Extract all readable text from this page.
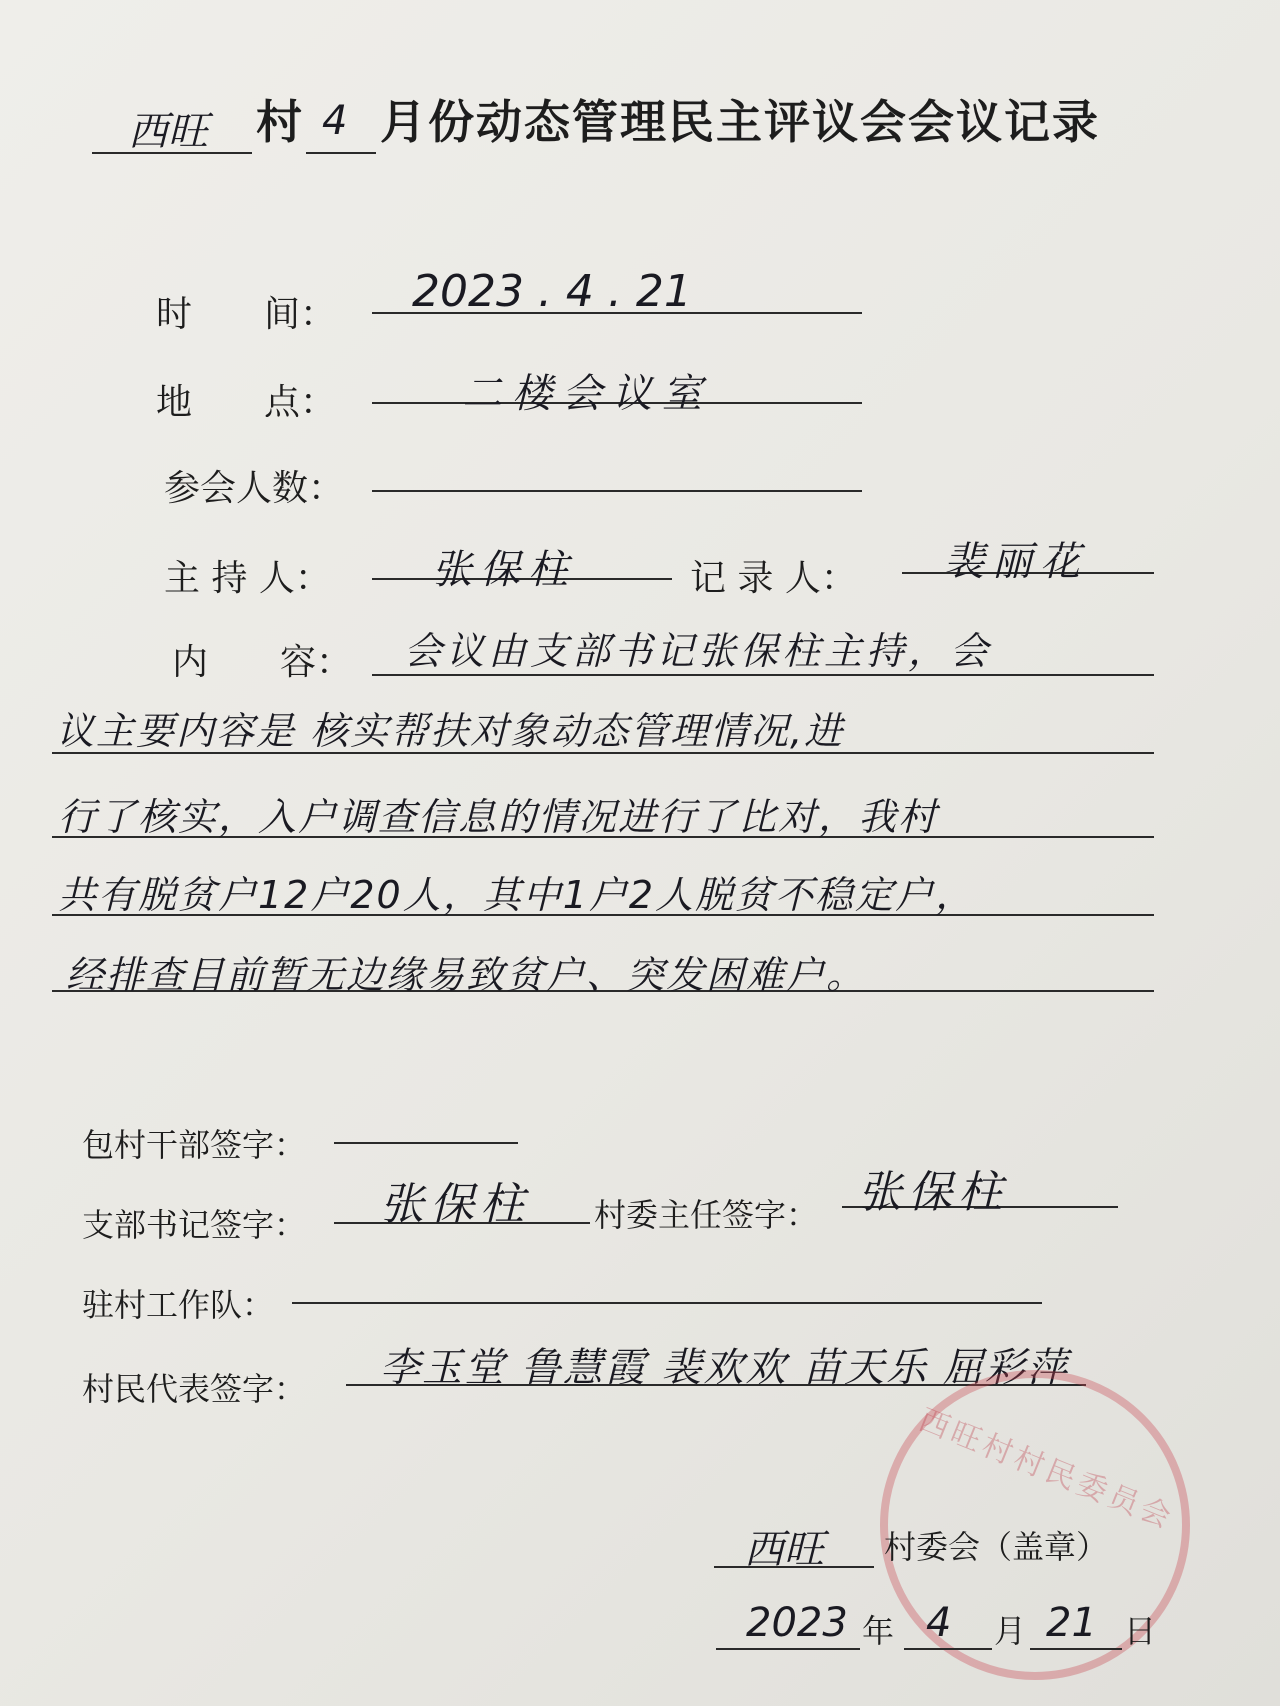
西旺 村 4 月份动态管理民主评议会会议记录
时　　间： 2023 . 4 . 21
地　　点：	二楼会议室
参会人数：
主 持 人：	张保柱	记 录 人： 裴丽花
内　　容： 会议由支部书记张保柱主持，会
议主要内容是 核实帮扶对象动态管理情况,进
行了核实，入户调查信息的情况进行了比对，我村
共有脱贫户12户20人，其中1户2人脱贫不稳定户，
经排查目前暂无边缘易致贫户、突发困难户。
包村干部签字：
支部书记签字： 张保柱 村委主任签字： 张保柱
驻村工作队：
村民代表签字： 李玉堂 鲁慧霞 裴欢欢 苗天乐 屈彩萍
西旺村村民委员会
西旺 村委会（盖章）
2023 年 4 月 21 日
